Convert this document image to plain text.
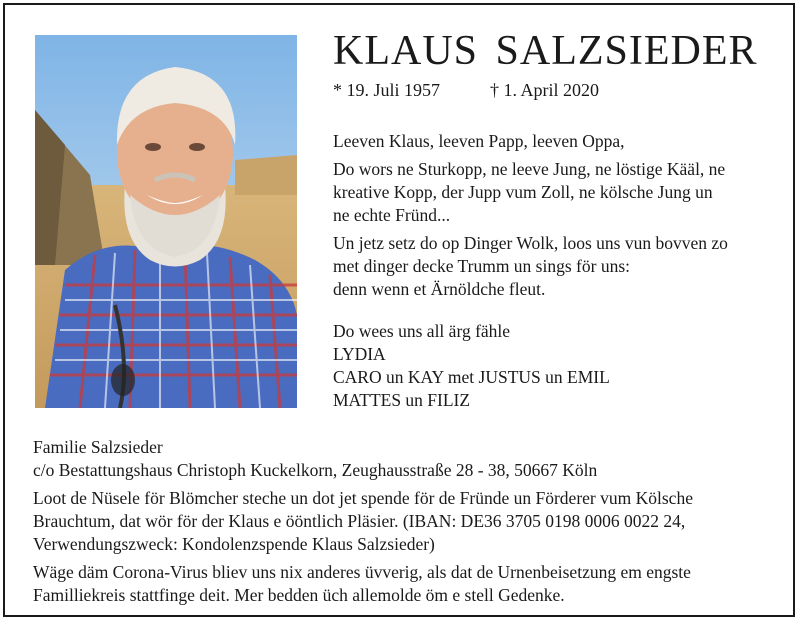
KLAUS SALZSIEDER
* 19. Juli 1957	† 1. April 2020

Leeven Klaus, leeven Papp, leeven Oppa,

Do wors ne Sturkopp, ne leeve Jung, ne löstige Kääl, ne
kreative Kopp, der Jupp vum Zoll, ne kölsche Jung un
ne echte Fründ...

Un jetz setz do op Dinger Wolk, loos uns vun bovven zo
met dinger decke Trumm un sings för uns:
denn wenn et Ärnöldche fleut.

Do wees uns all ärg fähle
LYDIA
CARO un KAY met JUSTUS un EMIL
MATTES un FILIZ
Familie Salzsieder
c/o Bestattungshaus Christoph Kuckelkorn, Zeughausstraße 28 - 38, 50667 Köln
Loot de Nüsele för Blömcher steche un dot jet spende för de Fründe un Förderer vum Kölsche
Brauchtum, dat wör för der Klaus e ööntlich Pläsier. (IBAN: DE36 3705 0198 0006 0022 24,
Verwendungszweck: Kondolenzspende Klaus Salzsieder)
Wäge däm Corona-Virus bliev uns nix anderes üvverig, als dat de Urnenbeisetzung em engste
Familliekreis stattfinge deit. Mer bedden üch allemolde öm e stell Gedenke.
